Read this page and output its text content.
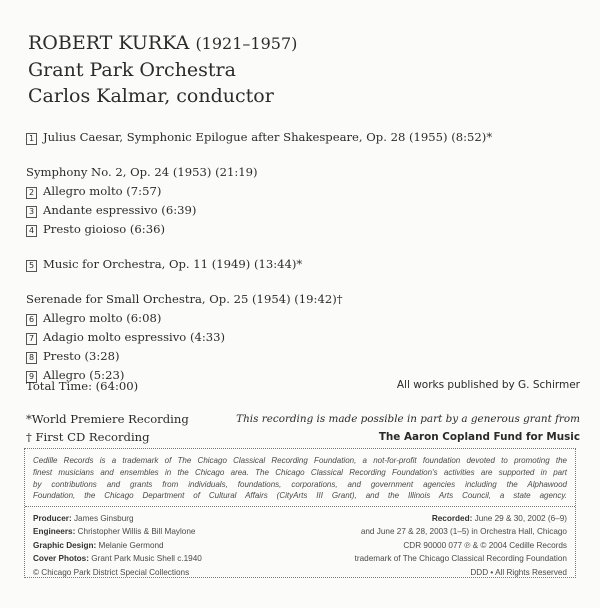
ROBERT KURKA (1921–1957)
Grant Park Orchestra
Carlos Kalmar, conductor
1 Julius Caesar, Symphonic Epilogue after Shakespeare, Op. 28 (1955) (8:52)*
Symphony No. 2, Op. 24 (1953) (21:19)
2 Allegro molto (7:57)
3 Andante espressivo (6:39)
4 Presto gioioso (6:36)
5 Music for Orchestra, Op. 11 (1949) (13:44)*
Serenade for Small Orchestra, Op. 25 (1954) (19:42)†
6 Allegro molto (6:08)
7 Adagio molto espressivo (4:33)
8 Presto (3:28)
9 Allegro (5:23)
Total Time: (64:00)	All works published by G. Schirmer
*World Premiere Recording
† First CD Recording
This recording is made possible in part by a generous grant from
The Aaron Copland Fund for Music
Cedille Records is a trademark of The Chicago Classical Recording Foundation, a not-for-profit foundation devoted to promoting the
finest musicians and ensembles in the Chicago area. The Chicago Classical Recording Foundation's activities are supported in part
by contributions and grants from individuals, foundations, corporations, and government agencies including the Alphawood
Foundation, the Chicago Department of Cultural Affairs (CityArts III Grant), and the Illinois Arts Council, a state agency.
Producer: James Ginsburg
Engineers: Christopher Willis & Bill Maylone
Graphic Design: Melanie Germond
Cover Photos: Grant Park Music Shell c.1940
© Chicago Park District Special Collections
Recorded: June 29 & 30, 2002 (6–9)
and June 27 & 28, 2003 (1–5) in Orchestra Hall, Chicago
CDR 90000 077 ℗ & © 2004 Cedille Records
trademark of The Chicago Classical Recording Foundation
DDD • All Rights Reserved
